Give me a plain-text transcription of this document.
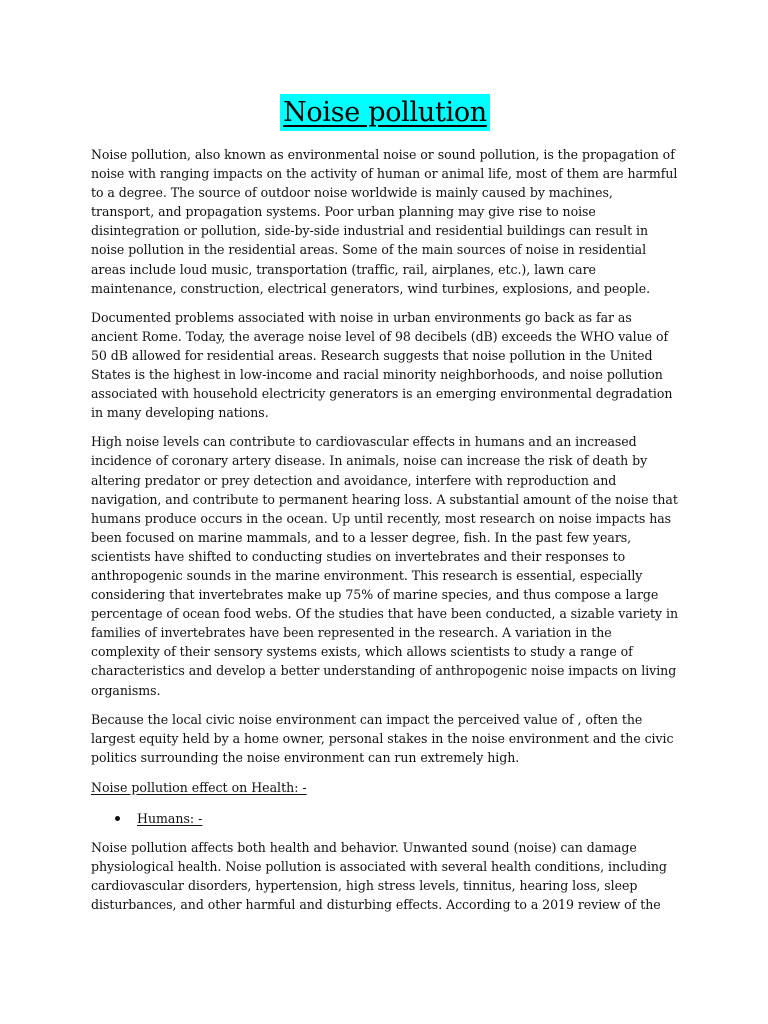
Noise pollution

Noise pollution, also known as environmental noise or sound pollution, is the propagation of noise with ranging impacts on the activity of human or animal life, most of them are harmful to a degree. The source of outdoor noise worldwide is mainly caused by machines, transport, and propagation systems. Poor urban planning may give rise to noise disintegration or pollution, side-by-side industrial and residential buildings can result in noise pollution in the residential areas. Some of the main sources of noise in residential areas include loud music, transportation (traffic, rail, airplanes, etc.), lawn care maintenance, construction, electrical generators, wind turbines, explosions, and people.

Documented problems associated with noise in urban environments go back as far as ancient Rome. Today, the average noise level of 98 decibels (dB) exceeds the WHO value of 50 dB allowed for residential areas. Research suggests that noise pollution in the United States is the highest in low-income and racial minority neighborhoods, and noise pollution associated with household electricity generators is an emerging environmental degradation in many developing nations.

High noise levels can contribute to cardiovascular effects in humans and an increased incidence of coronary artery disease. In animals, noise can increase the risk of death by altering predator or prey detection and avoidance, interfere with reproduction and navigation, and contribute to permanent hearing loss. A substantial amount of the noise that humans produce occurs in the ocean. Up until recently, most research on noise impacts has been focused on marine mammals, and to a lesser degree, fish. In the past few years, scientists have shifted to conducting studies on invertebrates and their responses to anthropogenic sounds in the marine environment. This research is essential, especially considering that invertebrates make up 75% of marine species, and thus compose a large percentage of ocean food webs. Of the studies that have been conducted, a sizable variety in families of invertebrates have been represented in the research. A variation in the complexity of their sensory systems exists, which allows scientists to study a range of characteristics and develop a better understanding of anthropogenic noise impacts on living organisms.

Because the local civic noise environment can impact the perceived value of , often the largest equity held by a home owner, personal stakes in the noise environment and the civic politics surrounding the noise environment can run extremely high.

Noise pollution effect on Health: -
Humans: -

Noise pollution affects both health and behavior. Unwanted sound (noise) can damage physiological health. Noise pollution is associated with several health conditions, including cardiovascular disorders, hypertension, high stress levels, tinnitus, hearing loss, sleep disturbances, and other harmful and disturbing effects. According to a 2019 review of the
